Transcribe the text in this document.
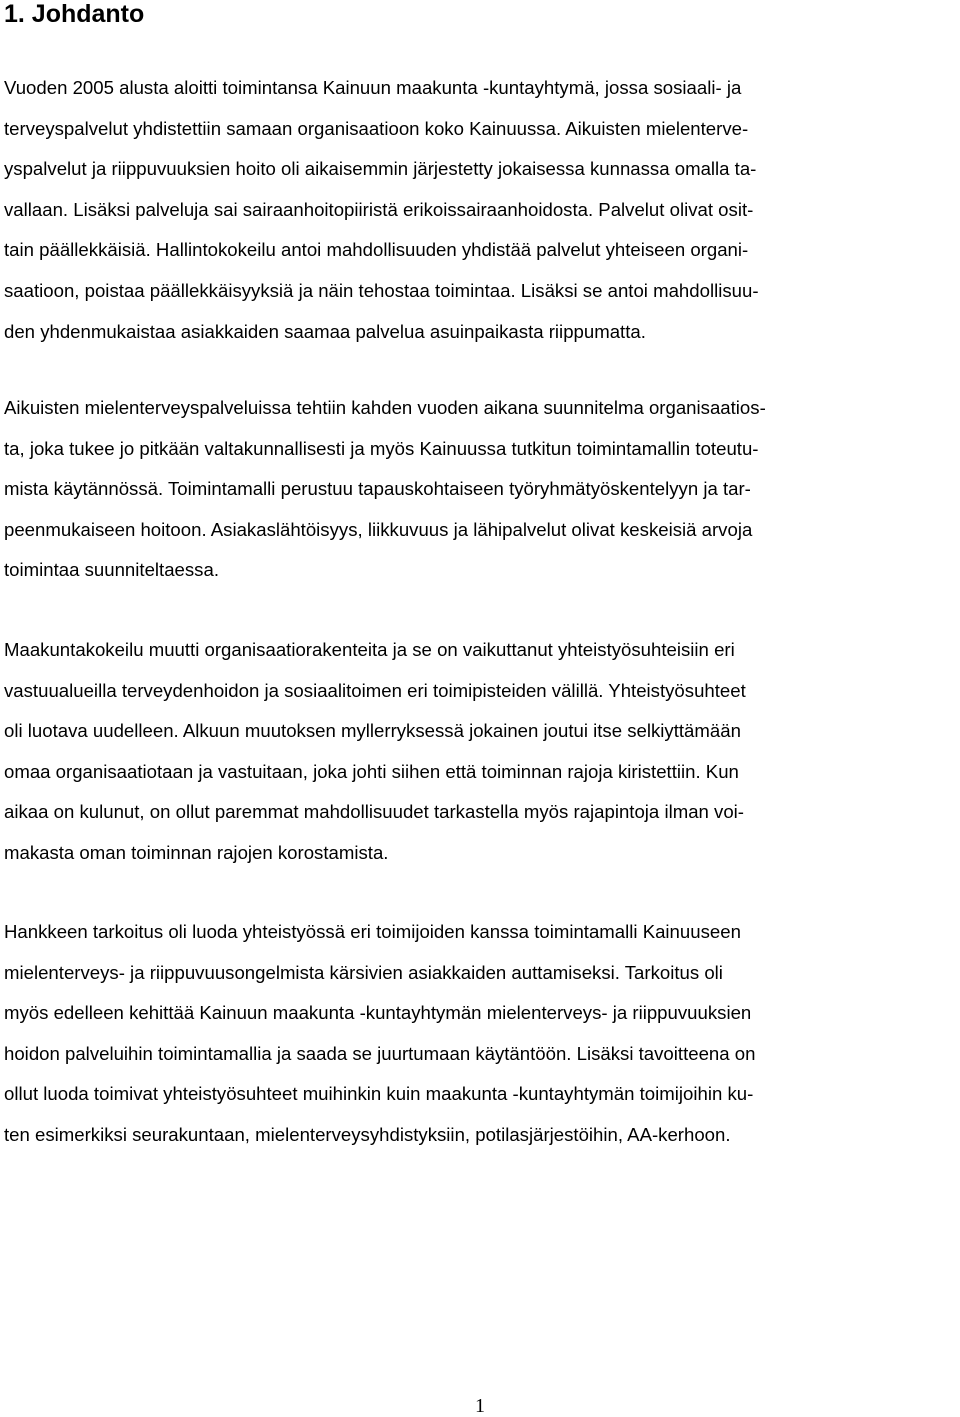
1. Johdanto

Vuoden 2005 alusta aloitti toimintansa Kainuun maakunta -kuntayhtymä, jossa sosiaali- ja
terveyspalvelut yhdistettiin samaan organisaatioon koko Kainuussa. Aikuisten mielenterve-
yspalvelut ja riippuvuuksien hoito oli aikaisemmin järjestetty jokaisessa kunnassa omalla ta-
vallaan. Lisäksi palveluja sai sairaanhoitopiiristä erikoissairaanhoidosta. Palvelut olivat osit-
tain päällekkäisiä. Hallintokokeilu antoi mahdollisuuden yhdistää palvelut yhteiseen organi-
saatioon, poistaa päällekkäisyyksiä ja näin tehostaa toimintaa. Lisäksi se antoi mahdollisuu-
den yhdenmukaistaa asiakkaiden saamaa palvelua asuinpaikasta riippumatta.

Aikuisten mielenterveyspalveluissa tehtiin kahden vuoden aikana suunnitelma organisaatios-
ta, joka tukee jo pitkään valtakunnallisesti ja myös Kainuussa tutkitun toimintamallin toteutu-
mista käytännössä. Toimintamalli perustuu tapauskohtaiseen työryhmätyöskentelyyn ja tar-
peenmukaiseen hoitoon. Asiakaslähtöisyys, liikkuvuus ja lähipalvelut olivat keskeisiä arvoja
toimintaa suunniteltaessa.

Maakuntakokeilu muutti organisaatiorakenteita ja se on vaikuttanut yhteistyösuhteisiin eri
vastuualueilla terveydenhoidon ja sosiaalitoimen eri toimipisteiden välillä. Yhteistyösuhteet
oli luotava uudelleen. Alkuun muutoksen myllerryksessä jokainen joutui itse selkiyttämään
omaa organisaatiotaan ja vastuitaan, joka johti siihen että toiminnan rajoja kiristettiin. Kun
aikaa on kulunut, on ollut paremmat mahdollisuudet tarkastella myös rajapintoja ilman voi-
makasta oman toiminnan rajojen korostamista.

Hankkeen tarkoitus oli luoda yhteistyössä eri toimijoiden kanssa toimintamalli Kainuuseen
mielenterveys- ja riippuvuusongelmista kärsivien asiakkaiden auttamiseksi. Tarkoitus oli
myös edelleen kehittää Kainuun maakunta -kuntayhtymän mielenterveys- ja riippuvuuksien
hoidon palveluihin toimintamallia ja saada se juurtumaan käytäntöön. Lisäksi tavoitteena on
ollut luoda toimivat yhteistyösuhteet muihinkin kuin maakunta -kuntayhtymän toimijoihin ku-
ten esimerkiksi seurakuntaan, mielenterveysyhdistyksiin, potilasjärjestöihin, AA-kerhoon.

1
